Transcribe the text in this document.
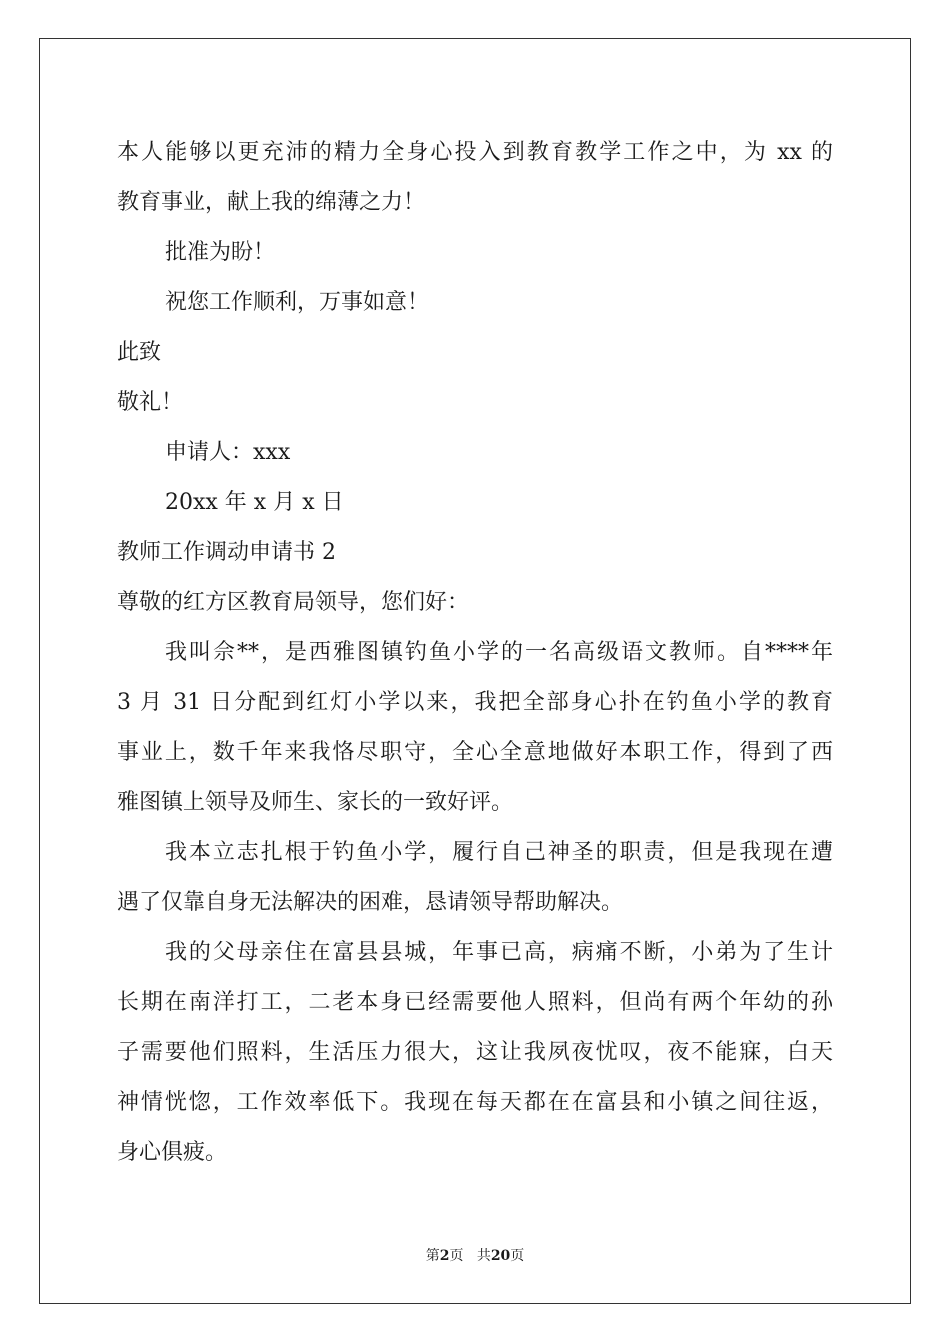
本人能够以更充沛的精力全身心投入到教育教学工作之中，为 xx 的
教育事业，献上我的绵薄之力！
批准为盼！
祝您工作顺利，万事如意！
此致
敬礼！
申请人：xxx
20xx 年 x 月 x 日
教师工作调动申请书 2
尊敬的红方区教育局领导，您们好：
我叫佘**，是西雅图镇钓鱼小学的一名高级语文教师。自****年
3 月 31 日分配到红灯小学以来，我把全部身心扑在钓鱼小学的教育
事业上，数千年来我恪尽职守，全心全意地做好本职工作，得到了西
雅图镇上领导及师生、家长的一致好评。
我本立志扎根于钓鱼小学，履行自己神圣的职责，但是我现在遭
遇了仅靠自身无法解决的困难，恳请领导帮助解决。
我的父母亲住在富县县城，年事已高，病痛不断，小弟为了生计
长期在南洋打工，二老本身已经需要他人照料，但尚有两个年幼的孙
子需要他们照料，生活压力很大，这让我夙夜忧叹，夜不能寐，白天
神情恍惚，工作效率低下。我现在每天都在在富县和小镇之间往返，
身心俱疲。
第2页 共20页
